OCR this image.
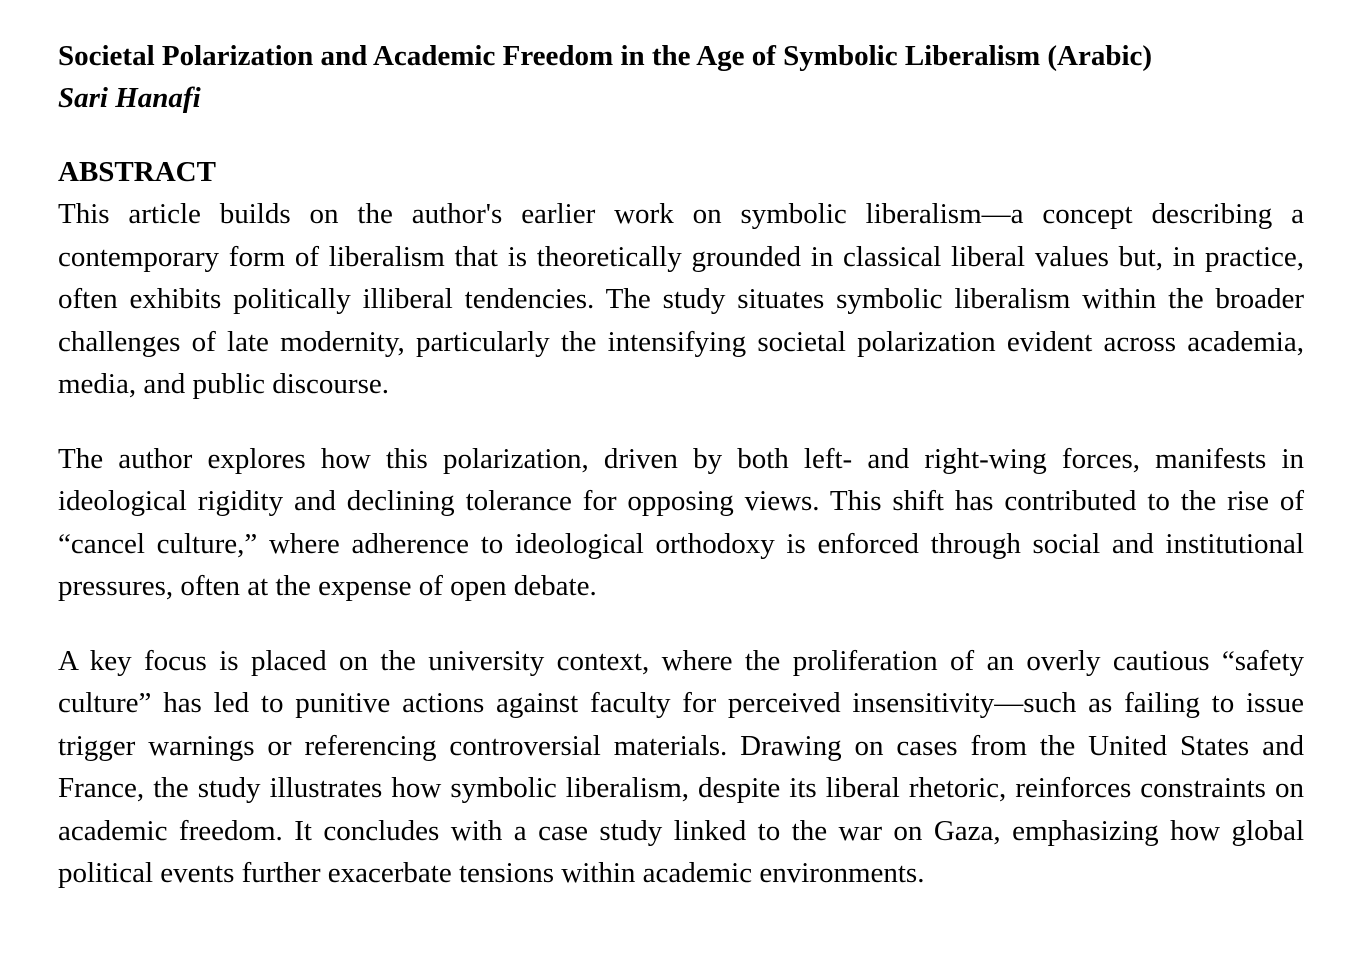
Societal Polarization and Academic Freedom in the Age of Symbolic Liberalism (Arabic)
Sari Hanafi
ABSTRACT

This article builds on the author's earlier work on symbolic liberalism—a concept describing a contemporary form of liberalism that is theoretically grounded in classical liberal values but, in practice, often exhibits politically illiberal tendencies. The study situates symbolic liberalism within the broader challenges of late modernity, particularly the intensifying societal polarization evident across academia, media, and public discourse.

The author explores how this polarization, driven by both left- and right-wing forces, manifests in ideological rigidity and declining tolerance for opposing views. This shift has contributed to the rise of “cancel culture,” where adherence to ideological orthodoxy is enforced through social and institutional pressures, often at the expense of open debate.

A key focus is placed on the university context, where the proliferation of an overly cautious “safety culture” has led to punitive actions against faculty for perceived insensitivity—such as failing to issue trigger warnings or referencing controversial materials. Drawing on cases from the United States and France, the study illustrates how symbolic liberalism, despite its liberal rhetoric, reinforces constraints on academic freedom. It concludes with a case study linked to the war on Gaza, emphasizing how global political events further exacerbate tensions within academic environments.
